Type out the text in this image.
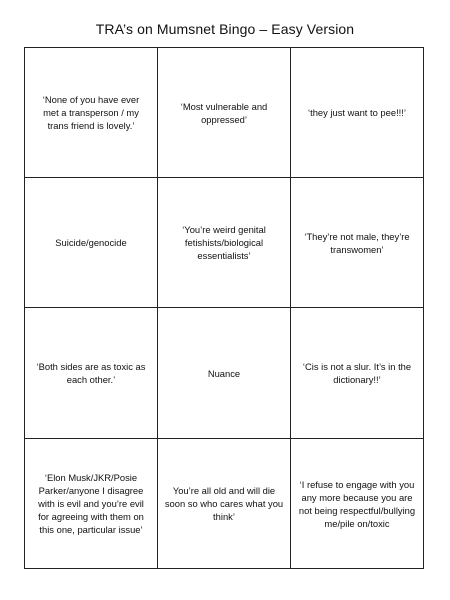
TRA’s on Mumsnet Bingo – Easy Version
‘None of you have ever met a transperson / my trans friend is lovely.’
‘Most vulnerable and oppressed’
‘they just want to pee!!!’
Suicide/genocide
‘You’re weird genital fetishists/biological essentialists’
‘They’re not male, they’re transwomen’
‘Both sides are as toxic as each other.’
Nuance
‘Cis is not a slur. It’s in the dictionary!!’
‘Elon Musk/JKR/Posie Parker/anyone I disagree with is evil and you’re evil for agreeing with them on this one, particular issue’
You’re all old and will die soon so who cares what you think’
‘I refuse to engage with you any more because you are not being respectful/bullying me/pile on/toxic
